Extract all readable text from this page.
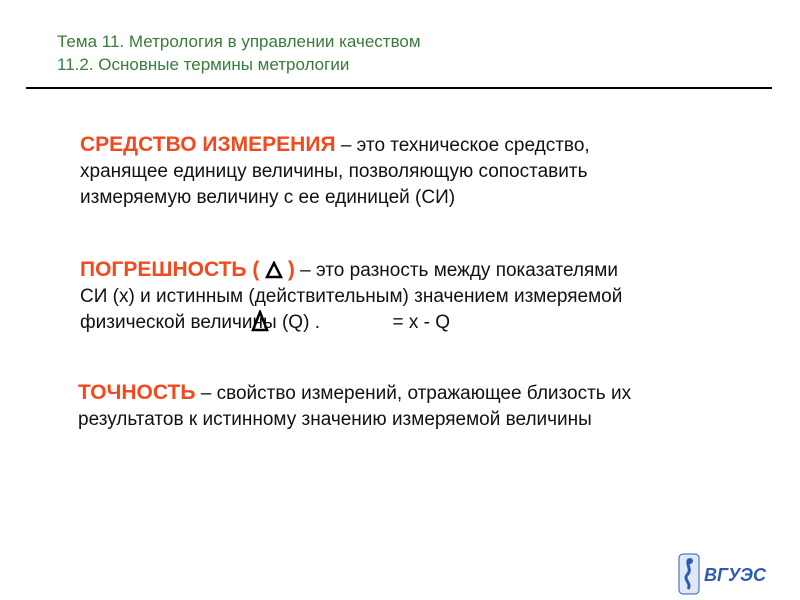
Тема 11. Метрология в управлении качеством
11.2. Основные термины метрологии
СРЕДСТВО ИЗМЕРЕНИЯ – это техническое средство,
хранящее единицу величины, позволяющую сопоставить
измеряемую величину с ее единицей (СИ)
ПОГРЕШНОСТЬ ( ) – это разность между показателями
СИ (х) и истинным (действительным) значением измеряемой
физической величины (Q) .	= х - Q
ТОЧНОСТЬ – свойство измерений, отражающее близость их
результатов к истинному значению измеряемой величины
ВГУЭС
